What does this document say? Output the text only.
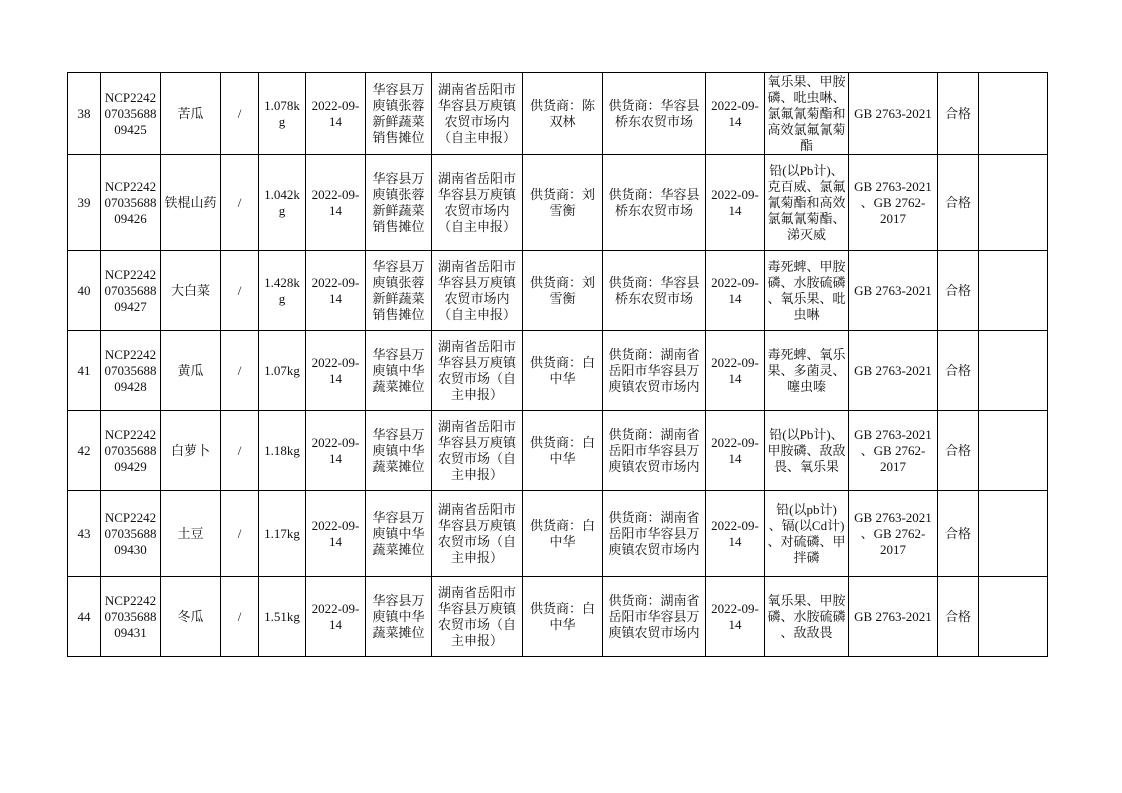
38	NCP2242
07035688
09425	苦瓜	/	1.078k
g	2022-09-
14	华容县万
庾镇张蓉
新鲜蔬菜
销售摊位	湖南省岳阳市
华容县万庾镇
农贸市场内
（自主申报）	供货商：陈
双林	供货商：华容县
桥东农贸市场	2022-09-
14	氧乐果、甲胺
磷、吡虫啉、
氯氟氰菊酯和
高效氯氟氰菊
酯	GB 2763-2021	合格	
39	NCP2242
07035688
09426	铁棍山药	/	1.042k
g	2022-09-
14	华容县万
庾镇张蓉
新鲜蔬菜
销售摊位	湖南省岳阳市
华容县万庾镇
农贸市场内
（自主申报）	供货商：刘
雪衡	供货商：华容县
桥东农贸市场	2022-09-
14	铅(以Pb计)、
克百威、氯氟
氰菊酯和高效
氯氟氰菊酯、
涕灭威	GB 2763-2021
、GB 2762-
2017	合格	
40	NCP2242
07035688
09427	大白菜	/	1.428k
g	2022-09-
14	华容县万
庾镇张蓉
新鲜蔬菜
销售摊位	湖南省岳阳市
华容县万庾镇
农贸市场内
（自主申报）	供货商：刘
雪衡	供货商：华容县
桥东农贸市场	2022-09-
14	毒死蜱、甲胺
磷、水胺硫磷
、氧乐果、吡
虫啉	GB 2763-2021	合格	
41	NCP2242
07035688
09428	黄瓜	/	1.07kg	2022-09-
14	华容县万
庾镇中华
蔬菜摊位	湖南省岳阳市
华容县万庾镇
农贸市场（自
主申报）	供货商：白
中华	供货商：湖南省
岳阳市华容县万
庾镇农贸市场内	2022-09-
14	毒死蜱、氧乐
果、多菌灵、
噻虫嗪	GB 2763-2021	合格	
42	NCP2242
07035688
09429	白萝卜	/	1.18kg	2022-09-
14	华容县万
庾镇中华
蔬菜摊位	湖南省岳阳市
华容县万庾镇
农贸市场（自
主申报）	供货商：白
中华	供货商：湖南省
岳阳市华容县万
庾镇农贸市场内	2022-09-
14	铅(以Pb计)、
甲胺磷、敌敌
畏、氧乐果	GB 2763-2021
、GB 2762-
2017	合格	
43	NCP2242
07035688
09430	土豆	/	1.17kg	2022-09-
14	华容县万
庾镇中华
蔬菜摊位	湖南省岳阳市
华容县万庾镇
农贸市场（自
主申报）	供货商：白
中华	供货商：湖南省
岳阳市华容县万
庾镇农贸市场内	2022-09-
14	铅(以pb计)
、镉(以Cd计)
、对硫磷、甲
拌磷	GB 2763-2021
、GB 2762-
2017	合格	
44	NCP2242
07035688
09431	冬瓜	/	1.51kg	2022-09-
14	华容县万
庾镇中华
蔬菜摊位	湖南省岳阳市
华容县万庾镇
农贸市场（自
主申报）	供货商：白
中华	供货商：湖南省
岳阳市华容县万
庾镇农贸市场内	2022-09-
14	氧乐果、甲胺
磷、水胺硫磷
、敌敌畏	GB 2763-2021	合格	
